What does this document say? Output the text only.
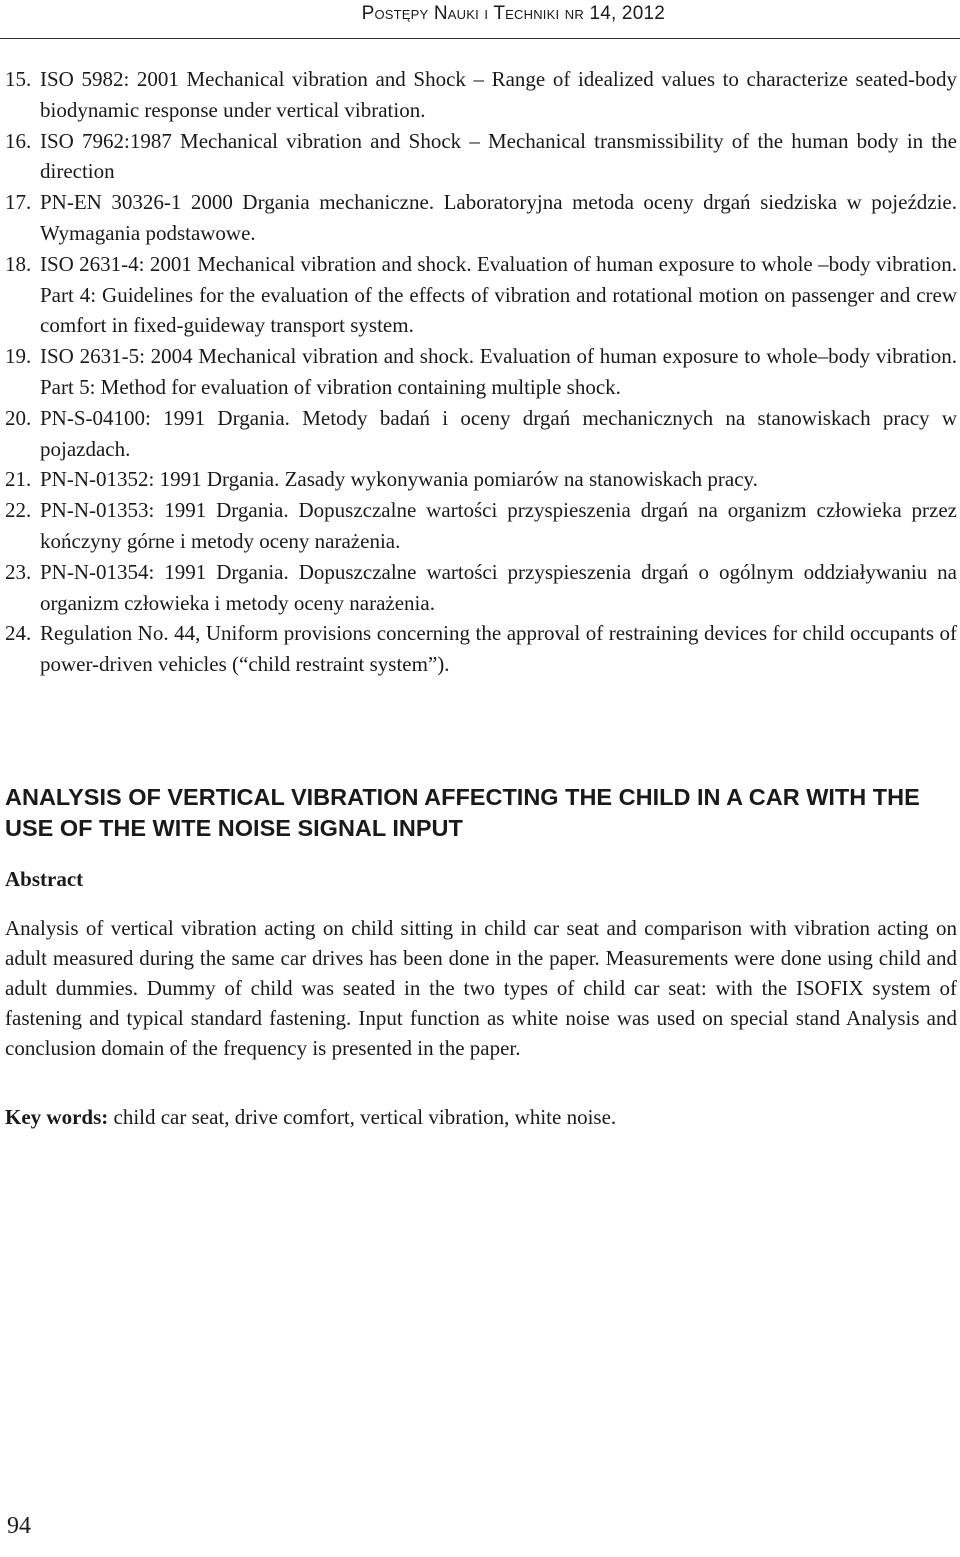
Postępy Nauki i Techniki nr 14, 2012
15. ISO 5982: 2001 Mechanical vibration and Shock – Range of idealized values to characterize seated-body biodynamic response under vertical vibration.
16. ISO 7962:1987 Mechanical vibration and Shock – Mechanical transmissibility of the human body in the direction
17. PN-EN 30326-1 2000 Drgania mechaniczne. Laboratoryjna metoda oceny drgań siedziska w pojeździe. Wymagania podstawowe.
18. ISO 2631-4: 2001 Mechanical vibration and shock. Evaluation of human exposure to whole –body vibration. Part 4: Guidelines for the evaluation of the effects of vibration and rotational motion on passenger and crew comfort in fixed-guideway transport system.
19. ISO 2631-5: 2004 Mechanical vibration and shock. Evaluation of human exposure to whole–body vibration. Part 5: Method for evaluation of vibration containing multiple shock.
20. PN-S-04100: 1991 Drgania. Metody badań i oceny drgań mechanicznych na stanowiskach pracy w pojazdach.
21. PN-N-01352: 1991 Drgania. Zasady wykonywania pomiarów na stanowiskach pracy.
22. PN-N-01353: 1991 Drgania. Dopuszczalne wartości przyspieszenia drgań na organizm człowieka przez kończyny górne i metody oceny narażenia.
23. PN-N-01354: 1991 Drgania. Dopuszczalne wartości przyspieszenia drgań o ogólnym oddziaływaniu na organizm człowieka i metody oceny narażenia.
24. Regulation No. 44, Uniform provisions concerning the approval of restraining devices for child occupants of power-driven vehicles (“child restraint system”).
ANALYSIS OF VERTICAL VIBRATION AFFECTING THE CHILD IN A CAR WITH THE USE OF THE WITE NOISE SIGNAL INPUT
Abstract

Analysis of vertical vibration acting on child sitting in child car seat and comparison with vibration acting on adult measured during the same car drives has been done in the paper. Measurements were done using child and adult dummies. Dummy of child was seated in the two types of child car seat: with the ISOFIX system of fastening and typical standard fastening. Input function as white noise was used on special stand Analysis and conclusion domain of the frequency is presented in the paper.

Key words: child car seat, drive comfort, vertical vibration, white noise.

94
